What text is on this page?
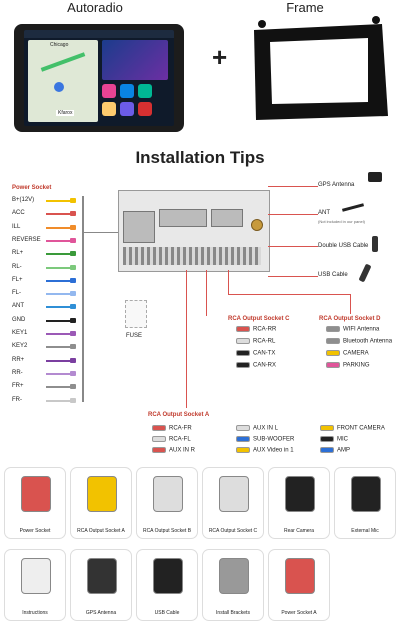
Autoradio	Frame
Chicago
Kfarox
+
Installation Tips
Power Socket
B+(12V)
ACC
ILL
REVERSE
RL+
RL-
FL+
FL-
ANT
GND
KEY1
KEY2
RR+
RR-
FR+
FR-
FUSE
GPS Antenna
ANT
(Not included in our panel)
Double USB Cable
USB Cable
RCA Output Socket C
RCA-RR
RCA-RL
CAN-TX
CAN-RX
RCA Output Socket D
WIFI Antenna
Bluetooth Antenna
CAMERA
PARKING
RCA Output Socket A
RCA-FR
RCA-FL
AUX IN R
AUX IN L
SUB-WOOFER
AUX Video in 1
FRONT CAMERA
MIC
AMP
Power Socket	RCA Output Socket A	RCA Output Socket B	RCA Output Socket C	Rear Camera	External Mic
Instructions	GPS Antenna	USB Cable	Install Brackets	Power Socket A
